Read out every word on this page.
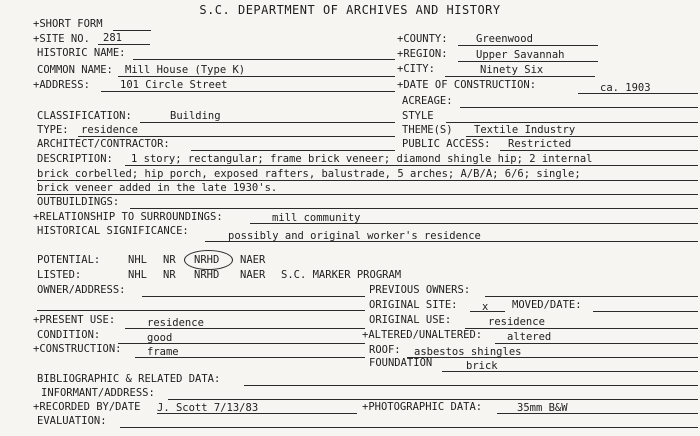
S.C. DEPARTMENT OF ARCHIVES AND HISTORY
+SHORT FORM
+SITE NO. 281	+COUNTY:	Greenwood
HISTORIC NAME:	+REGION:	Upper Savannah
COMMON NAME: Mill House (Type K)	+CITY:	Ninety Six
+ADDRESS:	101 Circle Street	+DATE OF CONSTRUCTION:	ca. 1903
ACREAGE:
CLASSIFICATION:	Building	STYLE
TYPE: residence	THEME(S) Textile Industry
ARCHITECT/CONTRACTOR:	PUBLIC ACCESS: Restricted
DESCRIPTION: 1 story; rectangular; frame brick veneer; diamond shingle hip; 2 internal
brick corbelled; hip porch, exposed rafters, balustrade, 5 arches; A/B/A; 6/6; single;
brick veneer added in the late 1930's.
OUTBUILDINGS:
+RELATIONSHIP TO SURROUNDINGS:	mill community
HISTORICAL SIGNIFICANCE:	possibly and original worker's residence
POTENTIAL:	NHL NR NRHD NAER
LISTED:	NHL NR NRHD NAER S.C. MARKER PROGRAM
OWNER/ADDRESS:	PREVIOUS OWNERS:
ORIGINAL SITE: x MOVED/DATE:
+PRESENT USE:	residence	ORIGINAL USE:	residence
CONDITION:	good	+ALTERED/UNALTERED: altered
+CONSTRUCTION: frame	ROOF: asbestos shingles
FOUNDATION	brick
BIBLIOGRAPHIC & RELATED DATA:
INFORMANT/ADDRESS:
+RECORDED BY/DATE J. Scott 7/13/83	+PHOTOGRAPHIC DATA:	35mm B&W
EVALUATION:
